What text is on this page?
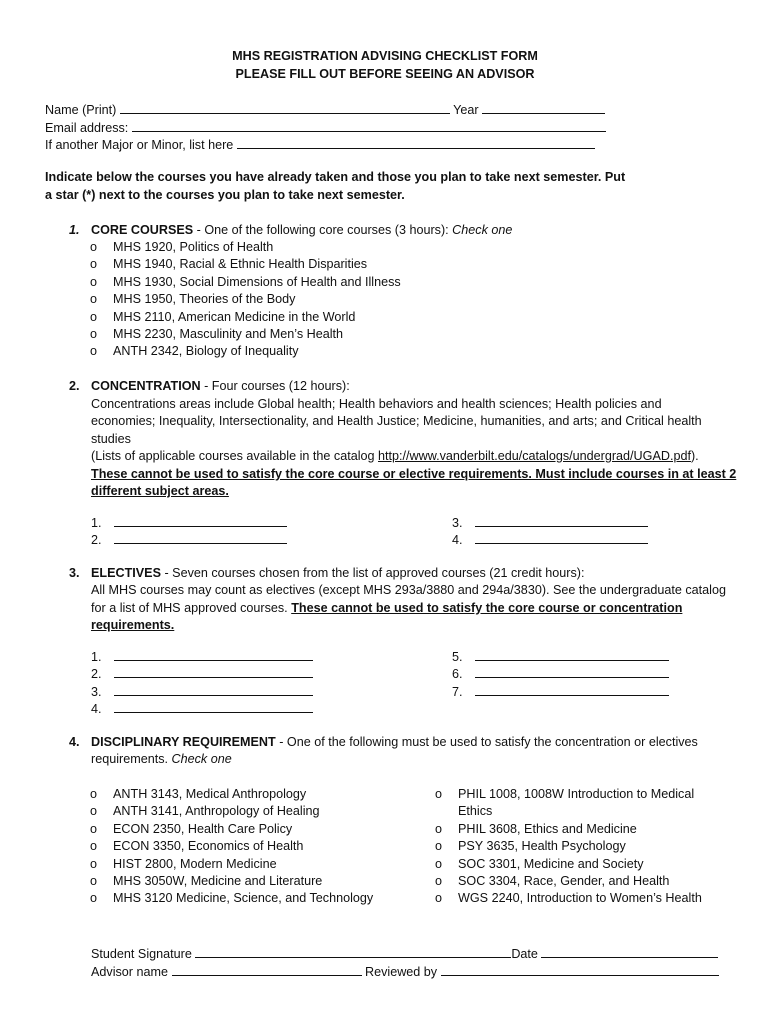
MHS REGISTRATION ADVISING CHECKLIST FORM
PLEASE FILL OUT BEFORE SEEING AN ADVISOR
Name (Print)	Year
Email address:
If another Major or Minor, list here
Indicate below the courses you have already taken and those you plan to take next semester. Put
a star (*) next to the courses you plan to take next semester.
1. CORE COURSES - One of the following core courses (3 hours): Check one
o MHS 1920, Politics of Health
o MHS 1940, Racial & Ethnic Health Disparities
o MHS 1930, Social Dimensions of Health and Illness
o MHS 1950, Theories of the Body
o MHS 2110, American Medicine in the World
o MHS 2230, Masculinity and Men’s Health
o ANTH 2342, Biology of Inequality
2. CONCENTRATION - Four courses (12 hours):
Concentrations areas include Global health; Health behaviors and health sciences; Health policies and
economies; Inequality, Intersectionality, and Health Justice; Medicine, humanities, and arts; and Critical health
studies
(Lists of applicable courses available in the catalog http://www.vanderbilt.edu/catalogs/undergrad/UGAD.pdf).
These cannot be used to satisfy the core course or elective requirements. Must include courses in at least 2
different subject areas.
1.
2.
3.
4.
3. ELECTIVES - Seven courses chosen from the list of approved courses (21 credit hours):
All MHS courses may count as electives (except MHS 293a/3880 and 294a/3830). See the undergraduate catalog
for a list of MHS approved courses. These cannot be used to satisfy the core course or concentration
requirements.
1.
2.
3.
4.
5.
6.
7.
4. DISCIPLINARY REQUIREMENT - One of the following must be used to satisfy the concentration or electives
requirements. Check one
o ANTH 3143, Medical Anthropology
o ANTH 3141, Anthropology of Healing
o ECON 2350, Health Care Policy
o ECON 3350, Economics of Health
o HIST 2800, Modern Medicine
o MHS 3050W, Medicine and Literature
o MHS 3120 Medicine, Science, and Technology
o PHIL 1008, 1008W Introduction to Medical
Ethics
o PHIL 3608, Ethics and Medicine
o PSY 3635, Health Psychology
o SOC 3301, Medicine and Society
o SOC 3304, Race, Gender, and Health
o WGS 2240, Introduction to Women’s Health
Student Signature	Date
Advisor name	Reviewed by
